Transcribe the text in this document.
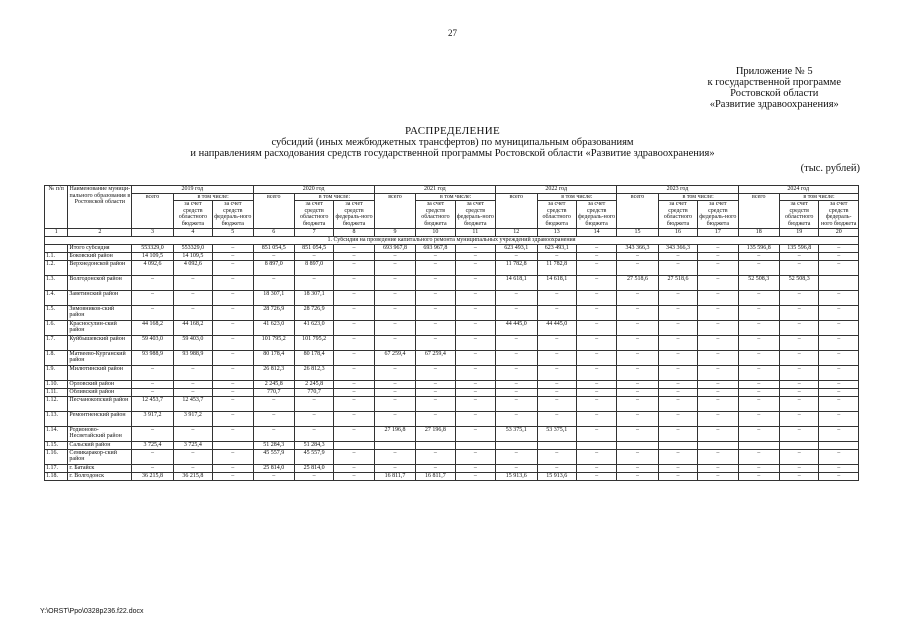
27
Приложение № 5
к государственной программе
Ростовской области
«Развитие здравоохранения»
РАСПРЕДЕЛЕНИЕ
субсидий (иных межбюджетных трансфертов) по муниципальным образованиям
и направлениям расходования средств государственной программы Ростовской области «Развитие здравоохранения»
(тыс. рублей)
№ п/п	Наименование муници-пального образования в Ростовской области	2019 год			2020 год			2021 год			2022 год			2023 год			2024 год		
		всего	в том числе:		всего	в том числе:		всего	в том числе:		всего	в том числе:		всего	в том числе:		всего	в том числе:	
			за счет средств областного бюджета	за счет средств федераль-ного бюджета		за счет средств областного бюджета	за счет средств федераль-ного бюджета		за счет средств областного бюджета	за счет средств федераль-ного бюджета		за счет средств областного бюджета	за счет средств федераль-ного бюджета		за счет средств областного бюджета	за счет средств федераль-ного бюджета		за счет средств областного бюджета	за счет средств федераль-ного бюджета
1	2	3	4	5	6	7	8	9	10	11	12	13	14	15	16	17	18	19	20
1. Субсидия на проведение капитального ремонта муниципальных учреждений здравоохранения																			
	Итого субсидия	553329,0	553329,0	–	851 054,5	851 054,5	–	693 967,8	693 967,8	–	623 493,1	623 493,1	–	343 366,3	343 366,3	–	135 596,8	135 596,8	–
1.1.	Боковский район	14 109,5	14 109,5	–	–	–	–	–	–	–	–	–	–	–	–	–	–	–	–
1.2.	Верхнедонской район	4 092,6	4 092,6	–	8 897,0	8 897,0	–	–	–	–	11 782,8	11 782,8	–	–	–	–	–	–	–
1.3.	Волгодонской район	–	–	–	–	–	–	–	–	–	14 618,1	14 618,1	–	27 518,6	27 518,6	–	52 508,3	52 508,3	
1.4.	Заветинский район	–	–	–	18 307,1	18 307,1	–	–	–	–	–	–	–	–	–	–	–	–	–
1.5.	Зимовников-ский район	–	–	–	28 726,9	28 726,9	–	–	–	–	–	–	–	–	–	–	–	–	–
1.6.	Красносулин-ский район	44 168,2	44 168,2	–	41 623,0	41 623,0	–	–	–	–	44 445,0	44 445,0	–	–	–	–	–	–	–
1.7.	Куйбышевский район	59 403,0	59 403,0	–	101 795,2	101 795,2	–	–	–	–	–	–	–	–	–	–	–	–	–
1.8.	Матвеево-Курганский район	93 988,9	93 988,9	–	80 178,4	80 178,4	–	67 259,4	67 259,4	–	–	–	–	–	–	–	–	–	–
1.9.	Милютинский район	–	–	–	26 812,3	26 812,3	–	–	–	–	–	–	–	–	–	–	–	–	–
1.10.	Орловский район	–	–	–	2 245,8	2 245,8	–	–	–	–	–	–	–	–	–	–	–	–	–
1.11.	Обливский район	–	–	–	770,7	770,7	–	–	–	–	–	–	–	–	–	–	–	–	–
1.12.	Песчанокопский район	12 453,7	12 453,7	–	–	–	–	–	–	–	–	–	–	–	–	–	–	–	–
1.13.	Ремонтненский район	3 917,2	3 917,2	–	–	–	–	–	–	–	–	–	–	–	–	–	–	–	–
1.14.	Родионово-Несветайский район	–	–	–	–	–	–	27 196,8	27 196,8	–	53 375,1	53 375,1	–	–	–	–	–	–	–
1.15.	Сальский район	3 725,4	3 725,4		51 284,3	51 284,3													
1.16.	Семикаракор-ский район	–	–	–	45 557,9	45 557,9	–	–	–	–	–	–	–	–	–	–	–	–	–
1.17.	г. Батайск	–	–	–	25 814,0	25 814,0	–	–	–	–	–	–	–	–	–	–	–	–	–
1.18.	г. Волгодонск	36 215,8	36 215,8	–	–	–	–	16 811,7	16 811,7	–	15 913,6	15 913,6	–	–	–	–	–	–	–
Y:\ORST\Ppo\0328p236.f22.docx
